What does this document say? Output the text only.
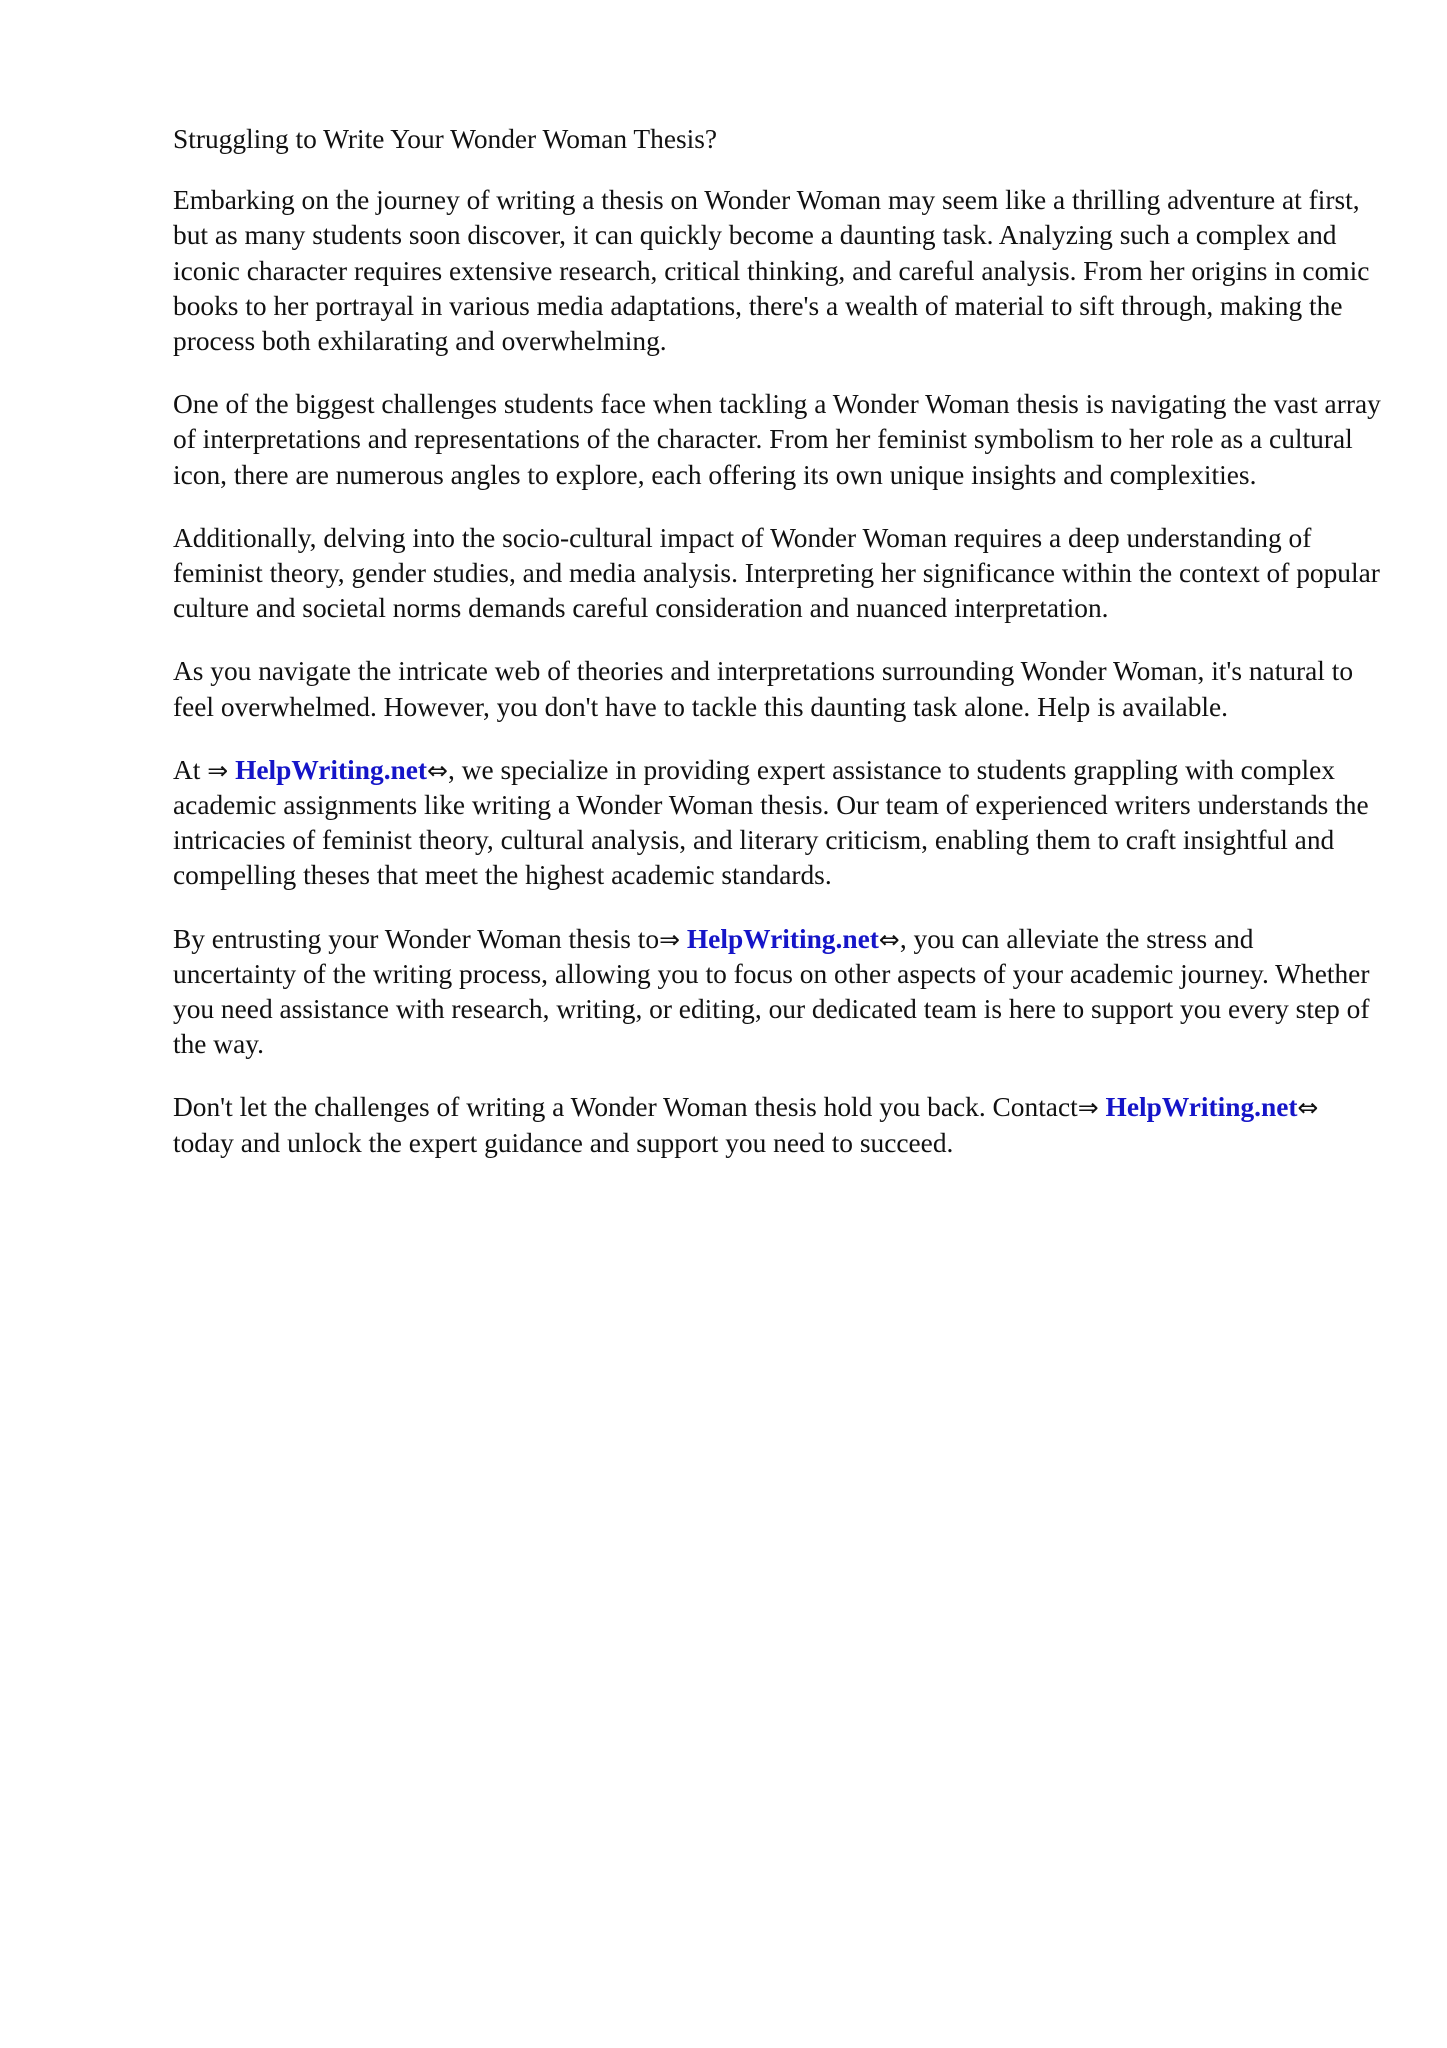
Struggling to Write Your Wonder Woman Thesis?

Embarking on the journey of writing a thesis on Wonder Woman may seem like a thrilling adventure at first, but as many students soon discover, it can quickly become a daunting task. Analyzing such a complex and iconic character requires extensive research, critical thinking, and careful analysis. From her origins in comic books to her portrayal in various media adaptations, there's a wealth of material to sift through, making the process both exhilarating and overwhelming.

One of the biggest challenges students face when tackling a Wonder Woman thesis is navigating the vast array of interpretations and representations of the character. From her feminist symbolism to her role as a cultural icon, there are numerous angles to explore, each offering its own unique insights and complexities.

Additionally, delving into the socio-cultural impact of Wonder Woman requires a deep understanding of feminist theory, gender studies, and media analysis. Interpreting her significance within the context of popular culture and societal norms demands careful consideration and nuanced interpretation.

As you navigate the intricate web of theories and interpretations surrounding Wonder Woman, it's natural to feel overwhelmed. However, you don't have to tackle this daunting task alone. Help is available.

At ⇒ HelpWriting.net⇔, we specialize in providing expert assistance to students grappling with complex academic assignments like writing a Wonder Woman thesis. Our team of experienced writers understands the intricacies of feminist theory, cultural analysis, and literary criticism, enabling them to craft insightful and compelling theses that meet the highest academic standards.

By entrusting your Wonder Woman thesis to⇒ HelpWriting.net⇔, you can alleviate the stress and uncertainty of the writing process, allowing you to focus on other aspects of your academic journey. Whether you need assistance with research, writing, or editing, our dedicated team is here to support you every step of the way.

Don't let the challenges of writing a Wonder Woman thesis hold you back. Contact⇒ HelpWriting.net⇔ today and unlock the expert guidance and support you need to succeed.
